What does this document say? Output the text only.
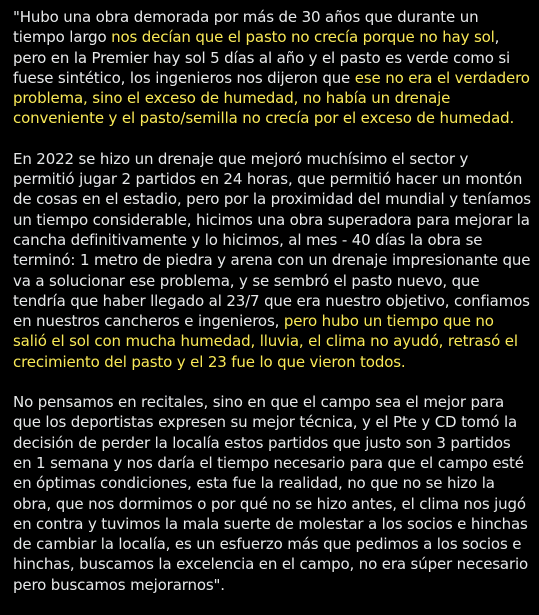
"Hubo una obra demorada por más de 30 años que durante un tiempo largo nos decían que el pasto no crecía porque no hay sol, pero en la Premier hay sol 5 días al año y el pasto es verde como si fuese sintético, los ingenieros nos dijeron que ese no era el verdadero problema, sino el exceso de humedad, no había un drenaje conveniente y el pasto/semilla no crecía por el exceso de humedad.

En 2022 se hizo un drenaje que mejoró muchísimo el sector y permitió jugar 2 partidos en 24 horas, que permitió hacer un montón de cosas en el estadio, pero por la proximidad del mundial y teníamos un tiempo considerable, hicimos una obra superadora para mejorar la cancha definitivamente y lo hicimos, al mes - 40 días la obra se terminó: 1 metro de piedra y arena con un drenaje impresionante que va a solucionar ese problema, y se sembró el pasto nuevo, que tendría que haber llegado al 23/7 que era nuestro objetivo, confiamos en nuestros cancheros e ingenieros, pero hubo un tiempo que no salió el sol con mucha humedad, lluvia, el clima no ayudó, retrasó el crecimiento del pasto y el 23 fue lo que vieron todos.

No pensamos en recitales, sino en que el campo sea el mejor para que los deportistas expresen su mejor técnica, y el Pte y CD tomó la decisión de perder la localía estos partidos que justo son 3 partidos en 1 semana y nos daría el tiempo necesario para que el campo esté en óptimas condiciones, esta fue la realidad, no que no se hizo la obra, que nos dormimos o por qué no se hizo antes, el clima nos jugó en contra y tuvimos la mala suerte de molestar a los socios e hinchas de cambiar la localía, es un esfuerzo más que pedimos a los socios e hinchas, buscamos la excelencia en el campo, no era súper necesario pero buscamos mejorarnos".
